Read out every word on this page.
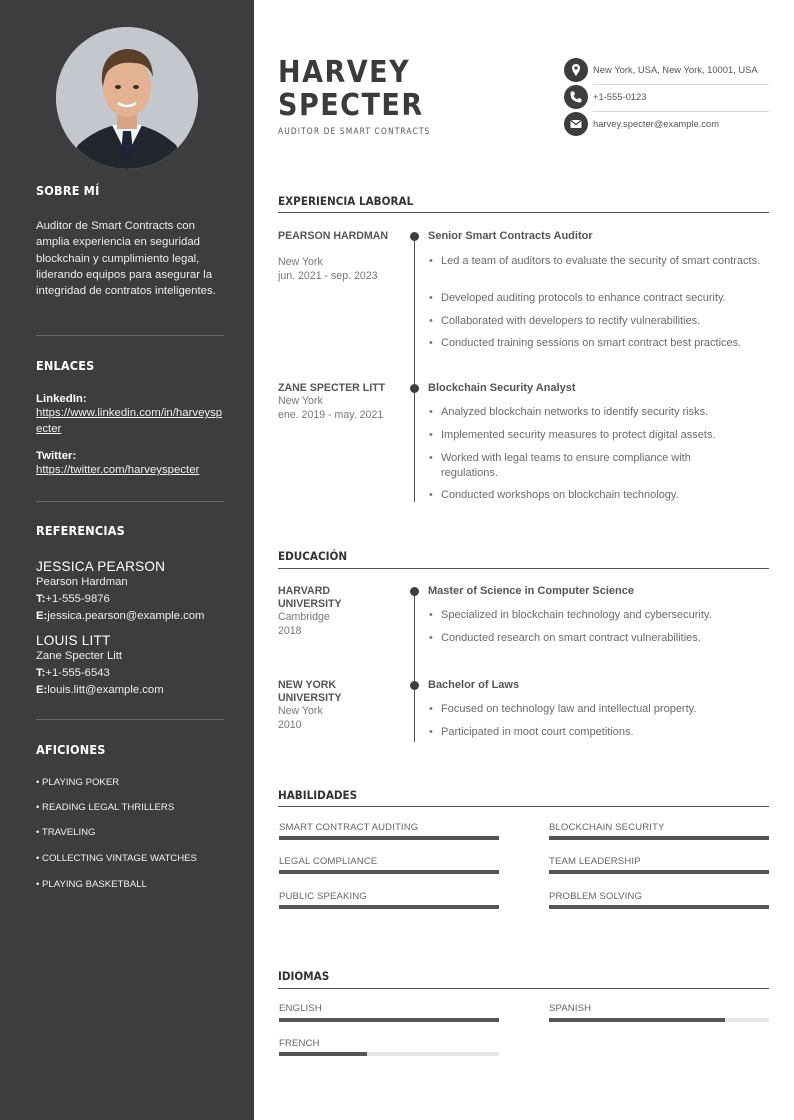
SOBRE MÍ
Auditor de Smart Contracts con amplia experiencia en seguridad blockchain y cumplimiento legal, liderando equipos para asegurar la integridad de contratos inteligentes.
ENLACES
LinkedIn:
https://www.linkedin.com/in/harveyspecter
Twitter:
https://twitter.com/harveyspecter
REFERENCIAS
JESSICA PEARSON
Pearson Hardman
T:+1-555-9876
E:jessica.pearson@example.com
LOUIS LITT
Zane Specter Litt
T:+1-555-6543
E:louis.litt@example.com
AFICIONES
• PLAYING POKER
• READING LEGAL THRILLERS
• TRAVELING
• COLLECTING VINTAGE WATCHES
• PLAYING BASKETBALL
HARVEY
SPECTER
AUDITOR DE SMART CONTRACTS
New York, USA, New York, 10001, USA
+1-555-0123
harvey.specter@example.com
EXPERIENCIA LABORAL
PEARSON HARDMAN
New York
jun. 2021 - sep. 2023
Senior Smart Contracts Auditor
• Led a team of auditors to evaluate the security of smart contracts.
• Developed auditing protocols to enhance contract security.
• Collaborated with developers to rectify vulnerabilities.
• Conducted training sessions on smart contract best practices.
ZANE SPECTER LITT
New York
ene. 2019 - may. 2021
Blockchain Security Analyst
• Analyzed blockchain networks to identify security risks.
• Implemented security measures to protect digital assets.
• Worked with legal teams to ensure compliance with regulations.
• Conducted workshops on blockchain technology.
EDUCACIÓN
HARVARD UNIVERSITY
Cambridge
2018
Master of Science in Computer Science
• Specialized in blockchain technology and cybersecurity.
• Conducted research on smart contract vulnerabilities.
NEW YORK UNIVERSITY
New York
2010
Bachelor of Laws
• Focused on technology law and intellectual property.
• Participated in moot court competitions.
HABILIDADES
SMART CONTRACT AUDITING	BLOCKCHAIN SECURITY
LEGAL COMPLIANCE	TEAM LEADERSHIP
PUBLIC SPEAKING	PROBLEM SOLVING
IDIOMAS
ENGLISH	SPANISH
FRENCH
